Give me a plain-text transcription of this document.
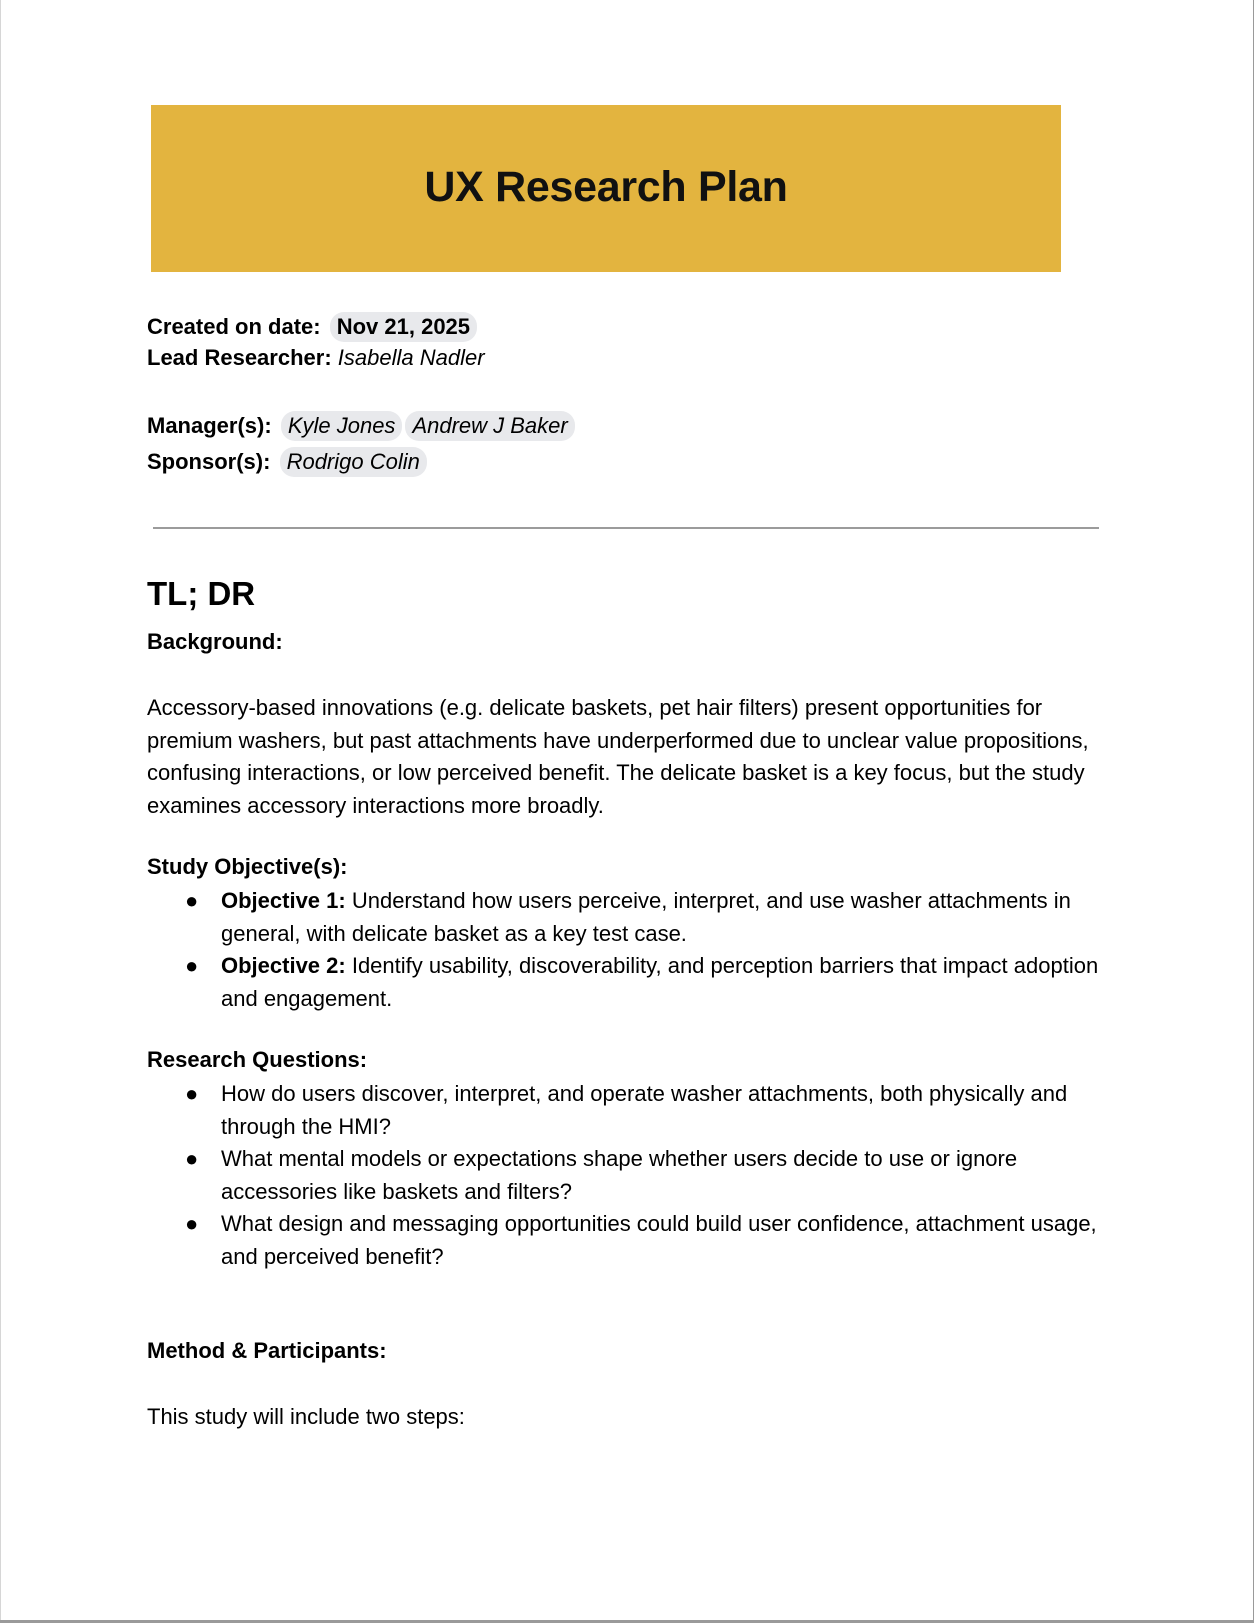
UX Research Plan
Created on date: Nov 21, 2025
Lead Researcher: Isabella Nadler
Manager(s): Kyle Jones Andrew J Baker
Sponsor(s): Rodrigo Colin
TL; DR
Background:

Accessory-based innovations (e.g. delicate baskets, pet hair filters) present opportunities for premium washers, but past attachments have underperformed due to unclear value propositions, confusing interactions, or low perceived benefit. The delicate basket is a key focus, but the study examines accessory interactions more broadly.

Study Objective(s):
● Objective 1: Understand how users perceive, interpret, and use washer attachments in general, with delicate basket as a key test case.
● Objective 2: Identify usability, discoverability, and perception barriers that impact adoption and engagement.
Research Questions:
● How do users discover, interpret, and operate washer attachments, both physically and through the HMI?
● What mental models or expectations shape whether users decide to use or ignore accessories like baskets and filters?
● What design and messaging opportunities could build user confidence, attachment usage, and perceived benefit?
Method & Participants:

This study will include two steps:
